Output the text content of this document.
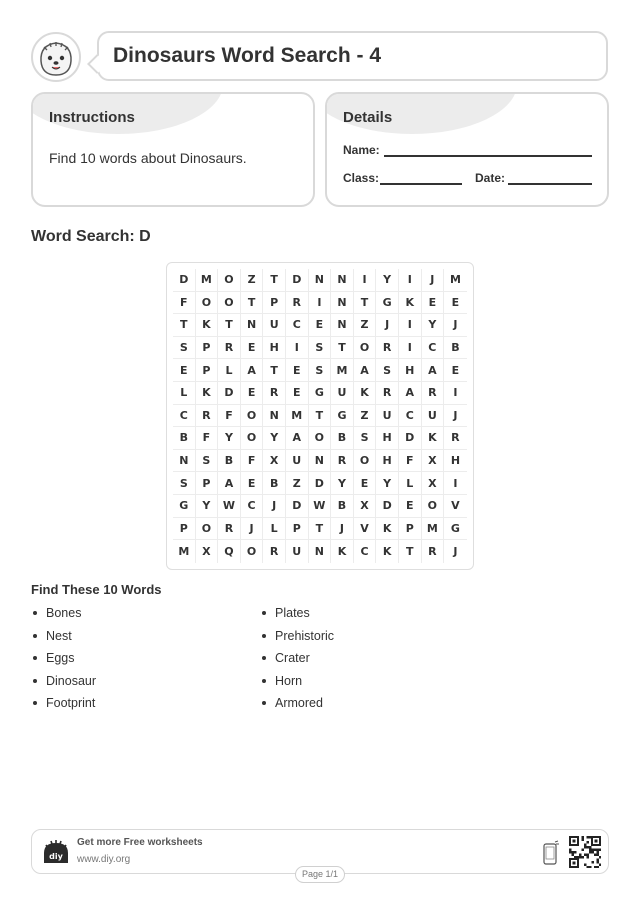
Dinosaurs Word Search - 4
Instructions
Find 10 words about Dinosaurs.
Details
Name:
Class:	Date:
Word Search: D
D	M	O	Z	T	D	N	N	I	Y	I	J	M
F	O	O	T	P	R	I	N	T	G	K	E	E
T	K	T	N	U	C	E	N	Z	J	I	Y	J
S	P	R	E	H	I	S	T	O	R	I	C	B
E	P	L	A	T	E	S	M	A	S	H	A	E
L	K	D	E	R	E	G	U	K	R	A	R	I
C	R	F	O	N	M	T	G	Z	U	C	U	J
B	F	Y	O	Y	A	O	B	S	H	D	K	R
N	S	B	F	X	U	N	R	O	H	F	X	H
S	P	A	E	B	Z	D	Y	E	Y	L	X	I
G	Y	W	C	J	D	W	B	X	D	E	O	V
P	O	R	J	L	P	T	J	V	K	P	M	G
M	X	Q	O	R	U	N	K	C	K	T	R	J
Find These 10 Words
Bones
Nest
Eggs
Dinosaur
Footprint
Plates
Prehistoric
Crater
Horn
Armored
diy
Get more Free worksheets
www.diy.org
Page 1/1
